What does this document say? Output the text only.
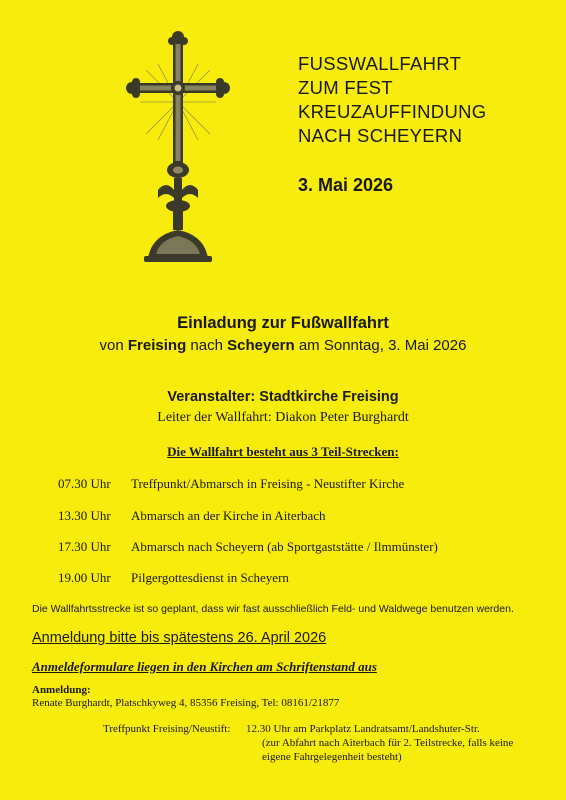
FUSSWALLFAHRT
ZUM FEST
KREUZAUFFINDUNG
NACH SCHEYERN
3. Mai 2026
Einladung zur Fußwallfahrt
von Freising nach Scheyern am Sonntag, 3. Mai 2026
Veranstalter: Stadtkirche Freising
Leiter der Wallfahrt: Diakon Peter Burghardt
Die Wallfahrt besteht aus 3 Teil-Strecken:
07.30 Uhr Treffpunkt/Abmarsch in Freising - Neustifter Kirche
13.30 Uhr Abmarsch an der Kirche in Aiterbach
17.30 Uhr Abmarsch nach Scheyern (ab Sportgaststätte / Ilmmünster)
19.00 Uhr Pilgergottesdienst in Scheyern
Die Wallfahrtsstrecke ist so geplant, dass wir fast ausschließlich Feld- und Waldwege benutzen werden.
Anmeldung bitte bis spätestens 26. April 2026
Anmeldeformulare liegen in den Kirchen am Schriftenstand aus
Anmeldung:
Renate Burghardt, Platschkyweg 4, 85356 Freising, Tel: 08161/21877
Treffpunkt Freising/Neustift: 12.30 Uhr am Parkplatz Landratsamt/Landshuter-Str.
(zur Abfahrt nach Aiterbach für 2. Teilstrecke, falls keine
eigene Fahrgelegenheit besteht)
